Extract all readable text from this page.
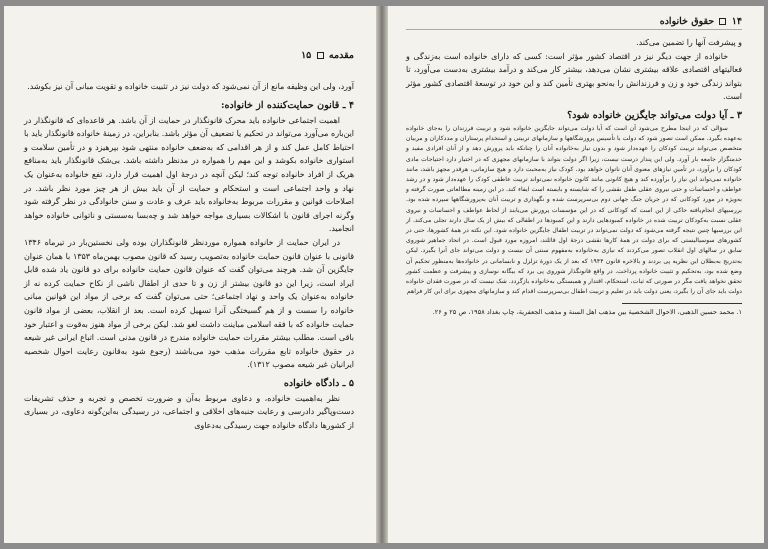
مقدمه  ۱۵

آورد، ولی این وظیفه مانع از آن نمی‌شود که دولت نیز در تثبیت خانواده و تقویت مبانی آن نیز بکوشد.

۴ ـ قانون حمایت‌کننده از خانواده:

اهمیت اجتماعی خانواده باید محرک قانونگذار در حمایت از آن باشد. هر قاعده‌ای که قانونگذار در این‌باره می‌آورد می‌تواند در تحکیم یا تضعیف آن مؤثر باشد. بنابراین، در زمینهٔ خانواده قانونگذار باید با احتیاط کامل عمل کند و از هر اقدامی که به‌ضعف خانواده منتهی شود بپرهیزد و در تأمین سلامت و استواری خانواده بکوشد و این مهم را همواره در مدنظر داشته باشد. بی‌شک قانونگذار باید به‌منافع هریک از افراد خانواده توجه کند؛ لیکن آنچه در درجهٔ اول اهمیت قرار دارد، تفع خانواده به‌عنوان یک نهاد و واحد اجتماعی است و استحکام و حمایت از آن باید بیش از هر چیز مورد نظر باشد. در اصلاحات قوانین و مقررات مربوط به‌خانواده باید عرف و عادت و سنن خانوادگی در نظر گرفته شود وگرنه اجرای قانون با اشکالات بسیاری مواجه خواهد شد و چه‌بسا به‌سستی و ناتوانی خانواده خواهد انجامید.

در ایران حمایت از خانواده همواره موردنظر قانونگذاران بوده ولی نخستین‌بار در تیرماه ۱۳۴۶ قانونی با عنوان قانون حمایت خانواده به‌تصویب رسید که قانون مصوب بهمن‌ماه ۱۳۵۳ با همان عنوان جایگزین آن شد. هرچند می‌توان گفت که عنوان قانون حمایت خانواده برای دو قانون یاد شده قابل ایراد است، زیرا این دو قانون بیشتر از زن و تا حدی از اطفال ناشی از نکاح حمایت کرده نه از خانواده به‌عنوان یک واحد و نهاد اجتماعی؛ حتی می‌توان گفت که برخی از مواد این قوانین مبانی خانواده را سست و از هم گسیختگی آنرا تسهیل کرده است. بعد از انقلاب، بعضی از مواد قانون حمایت خانواده که با فقه اسلامی مباینت داشت لغو شد. لیکن برخی از مواد هنوز به‌قوت و اعتبار خود باقی است. مطلب بیشتر مقررات حمایت خانواده مندرج در قانون مدنی است. اتباع ایرانی غیر شیعه در حقوق خانواده تابع مقررات مذهب خود می‌باشند (رجوع شود به‌قانون رعایت احوال شخصیه ایرانیان غیر شیعه مصوب ۱۳۱۲).

۵ ـ دادگاه خانواده

نظر به‌اهمیت خانواده، و دعاوی مربوط به‌آن و ضرورت تخصص و تجربه و حذف تشریفات دست‌وپاگیر دادرسی و رعایت جنبه‌های اخلاقی و اجتماعی، در رسیدگی به‌این‌گونه دعاوی، در بسیاری از کشورها دادگاه خانواده جهت رسیدگی به‌دعاوی

۱۴  حقوق خانواده

و پیشرفت آنها را تضمین می‌کند.

خانواده از جهت دیگر نیز در اقتصاد کشور مؤثر است: کسی که دارای خانواده است به‌زندگی و فعالیتهای اقتصادی علاقه بیشتری نشان می‌دهد، بیشتر کار می‌کند و درآمد بیشتری به‌دست می‌آورد، تا بتواند زندگی خود و زن و فرزندانش را به‌نحو بهتری تأمین کند و این خود در توسعهٔ اقتصادی کشور مؤثر است.

۳ ـ آیا دولت می‌تواند جایگزین خانواده شود؟

سؤالی که در اینجا مطرح می‌شود آن است که آیا دولت می‌تواند جایگزین خانواده شود و تربیت فرزندان را به‌جای خانواده به‌عهده بگیرد. ممکن است تصور شود که دولت با تأسیس پرورشگاهها و سازمانهای تربیتی و استخدام پرستاران و مددکاران و مربیان متخصص می‌تواند تربیت کودکان را عهده‌دار شود و بدون نیاز به‌خانواده آنان را چنانکه باید پرورش دهد و از آنان افرادی مفید و خدمتگزار جامعه بار آورد. ولی این پندار درست نیست، زیرا اگر دولت بتواند با سازمانهای مجهزی که در اختیار دارد احتیاجات مادی کودکان را برآورد، در تأمین نیازهای معنوی آنان ناتوان خواهد بود. کودک نیاز به‌محبت دارد و هیچ سازمانی، هرقدر مجهز باشد، مانند خانواده نمی‌تواند این نیاز را برآورده کند و هیچ کانونی مانند کانون خانواده نمی‌تواند تربیت عاطفی کودک را عهده‌دار شود و در رشد عواطف و احساسات و حتی نیروی عقلی طفل نقشی را که شایسته و بایسته است ایفاء کند. در این زمینه مطالعاتی صورت گرفته و به‌ویژه در مورد کودکانی که در جریان جنگ جهانی دوم بی‌سرپرست شده و نگهداری و تربیت آنان به‌پرورشگاهها سپرده شده بود. بررسیهای انجام‌یافته حاکی از این است که کودکانی که در این مؤسسات پرورش می‌یابند از لحاظ عواطف و احساسات و نیروی عقلی نسبت به‌کودکان تربیت شده در خانواده کمبودهایی دارند و این کمبودها در اطفالی که بیش از یک سال دارند تجلی می‌کند. از این بررسیها چنین نتیجه گرفته می‌شود که دولت نمی‌تواند در تربیت اطفال جایگزین خانواده شود. این نکته در همهٔ کشورها، حتی در کشورهای سوسیالیستی که برای دولت در همهٔ کارها نقشی درجهٔ اول قائلند، امروزه مورد قبول است. در اتحاد جماهیر شوروی سابق در سالهای اول انقلاب تصور می‌کردند که نیازی به‌خانواده به‌مفهوم سنتی آن نیست و دولت می‌تواند جای آنرا بگیرد. لیکن به‌تدریج به‌بطلان این نظریه پی بردند و بالاخره قانون ۱۹۴۴ که بعد از یک دورهٔ تزلزل و نابسامانی در خانواده‌ها به‌منظور تحکیم آن وضع شده بود، به‌تحکیم و تثبیت خانواده پرداخت. در واقع قانونگذار شوروی پی برد که بیگانه نوسازی و پیشرفت و عظمت کشور تحقق نخواهد یافت مگر در صورتی که ثبات، استحکام، اقتدار و همبستگی به‌خانواده بازگردد. شک نیست که در صورت فقدان خانواده دولت باید جای آن را بگیرد، یعنی دولت باید در تعلیم و تربیت اطفال بی‌سرپرست اقدام کند و سازمانهای مجهزی برای این کار فراهم

۱. محمد حسین الذهبی، الاحوال الشخصیة بین مذهب اهل السنة و مذهب الجعفریة، چاپ بغداد ۱۹۵۸، ص ۲۵ و ۲۶.
